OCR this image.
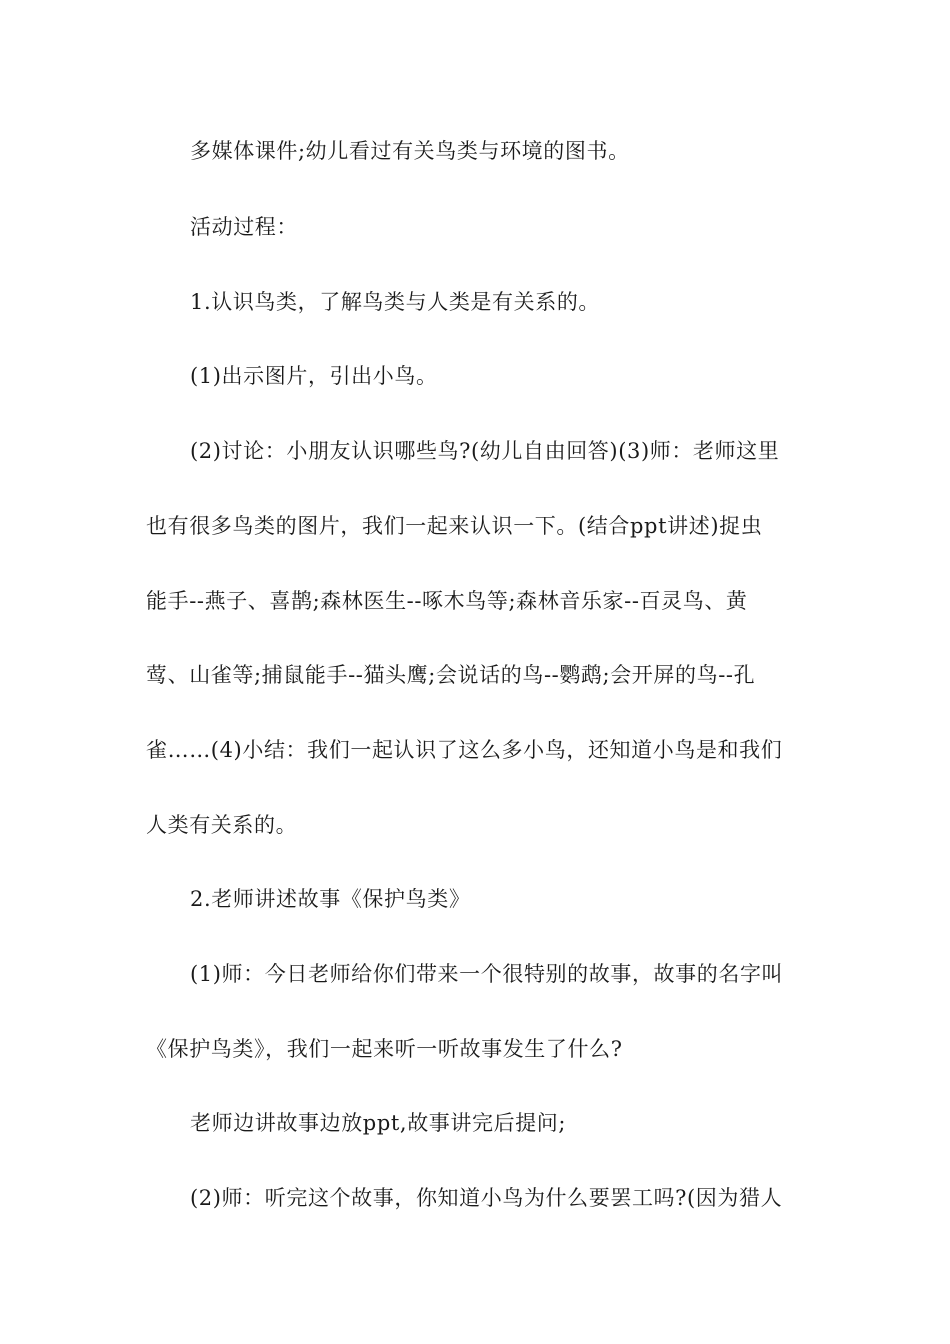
多媒体课件;幼儿看过有关鸟类与环境的图书。
活动过程：
1.认识鸟类，了解鸟类与人类是有关系的。
(1)出示图片，引出小鸟。
(2)讨论：小朋友认识哪些鸟?(幼儿自由回答)(3)师：老师这里
也有很多鸟类的图片，我们一起来认识一下。(结合ppt讲述)捉虫
能手--燕子、喜鹊;森林医生--啄木鸟等;森林音乐家--百灵鸟、黄
莺、山雀等;捕鼠能手--猫头鹰;会说话的鸟--鹦鹉;会开屏的鸟--孔
雀……(4)小结：我们一起认识了这么多小鸟，还知道小鸟是和我们
人类有关系的。
2.老师讲述故事《保护鸟类》
(1)师：今日老师给你们带来一个很特别的故事，故事的名字叫
《保护鸟类》，我们一起来听一听故事发生了什么?
老师边讲故事边放ppt,故事讲完后提问;
(2)师：听完这个故事，你知道小鸟为什么要罢工吗?(因为猎人
